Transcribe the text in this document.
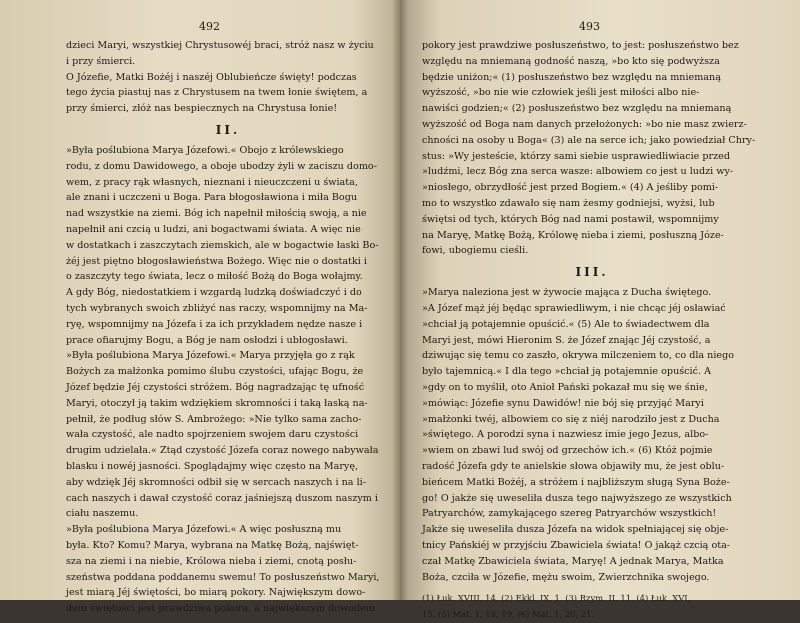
492
dzieci Maryi, wszystkiej Chrystusowéj braci, stróż nasz w życiu
i przy śmierci.
O Józefie, Matki Bożéj i naszéj Oblubieńcze święty! podczas
tego życia piastuj nas z Chrystusem na twem łonie świętem, a
przy śmierci, złóż nas bespiecznych na Chrystusa łonie!
II.
»Była poślubiona Marya Józefowi.« Obojo z królewskiego
rodu, z domu Dawidowego, a oboje ubodzy żyli w zaciszu domo-
wem, z pracy rąk własnych, nieznani i nieuczczeni u świata,
ale znani i uczczeni u Boga. Para błogosławiona i miła Bogu
nad wszystkie na ziemi. Bóg ich napełnił miłością swoją, a nie
napełnił ani czcią u ludzi, ani bogactwami świata. A więc nie
w dostatkach i zaszczytach ziemskich, ale w bogactwie łaski Bo-
żéj jest piętno błogosławieństwa Bożego. Więc nie o dostatki i
o zaszczyty tego świata, lecz o miłość Bożą do Boga wołajmy.
A gdy Bóg, niedostatkiem i wzgardą ludzką doświadczyć i do
tych wybranych swoich zbliżyć nas raczy, wspomnijmy na Ma-
ryę, wspomnijmy na Józefa i za ich przykładem nędze nasze i
prace ofiarujmy Bogu, a Bóg je nam osłodzi i ubłogosławi.
»Była poślubiona Marya Józefowi.« Marya przyjęła go z rąk
Bożych za małżonka pomimo ślubu czystości, ufając Bogu, że
Józef będzie Jéj czystości stróżem. Bóg nagradzając tę ufność
Maryi, otoczył ją takim wdziękiem skromności i taką łaską na-
pełnił, że podług słów S. Ambrożego: »Nie tylko sama zacho-
wała czystość, ale nadto spojrzeniem swojem daru czystości
drugim udzielała.« Ztąd czystość Józefa coraz nowego nabywała
blasku i nowéj jasności. Spoglądajmy więc często na Maryę,
aby wdzięk Jéj skromności odbił się w sercach naszych i na li-
cach naszych i dawał czystość coraz jaśniejszą duszom naszym i
ciału naszemu.
»Była poślubiona Marya Józefowi.« A więc posłuszną mu
była. Kto? Komu? Marya, wybrana na Matkę Bożą, najświęt-
sza na ziemi i na niebie, Królowa nieba i ziemi, cnotą posłu-
szeństwa poddana poddanemu swemu! To posłuszeństwo Maryi,
jest miarą Jéj świętości, bo miarą pokory. Największym dowo-
dem świętości jest prawdziwa pokora, a największym dowodem
493
pokory jest prawdziwe posłuszeństwo, to jest: posłuszeństwo bez
względu na mniemaną godność naszą, »bo kto się podwyższa
będzie uniżon;« (1) posłuszeństwo bez względu na mniemaną
wyższość, »bo nie wie człowiek jeśli jest miłości albo nie-
nawiści godzien;« (2) posłuszeństwo bez względu na mniemaną
wyższość od Boga nam danych przełożonych: »bo nie masz zwierz-
chności na osoby u Boga« (3) ale na serce ich; jako powiedział Chry-
stus: »Wy jesteście, którzy sami siebie usprawiedliwiacie przed
»ludźmi, lecz Bóg zna serca wasze: albowiem co jest u ludzi wy-
»niosłego, obrzydłość jest przed Bogiem.« (4) A jeśliby pomi-
mo to wszystko zdawało się nam żesmy godniejsi, wyżsi, lub
świętsi od tych, których Bóg nad nami postawił, wspomnijmy
na Maryę, Matkę Bożą, Królowę nieba i ziemi, posłuszną Józe-
fowi, ubogiemu cieśli.
III.
»Marya naleziona jest w żywocie mająca z Ducha świętego.
»A Józef mąż jéj będąc sprawiedliwym, i nie chcąc jéj osławiać
»chciał ją potajemnie opuścić.« (5) Ale to świadectwem dla
Maryi jest, mówi Hieronim S. że Józef znając Jéj czystość, a
dziwując się temu co zaszło, okrywa milczeniem to, co dla niego
było tajemnicą.« I dla tego »chciał ją potajemnie opuścić. A
»gdy on to myślił, oto Anioł Pański pokazał mu się we śnie,
»mówiąc: Józefie synu Dawidów! nie bój się przyjąć Maryi
»małżonki twéj, albowiem co się z niéj narodziło jest z Ducha
»świętego. A porodzi syna i nazwiesz imie jego Jezus, albo-
»wiem on zbawi lud swój od grzechów ich.« (6) Któż pojmie
radość Józefa gdy te anielskie słowa objawiły mu, że jest oblu-
bieńcem Matki Bożéj, a stróżem i najbliższym sługą Syna Boże-
go! O jakże się uweseliła dusza tego najwyższego ze wszystkich
Patryarchów, zamykającego szereg Patryarchów wszystkich!
Jakże się uweseliła dusza Józefa na widok spełniającej się obje-
tnicy Pańskiéj w przyjściu Zbawiciela świata! O jakąż czcią ota-
czał Matkę Zbawiciela świata, Maryę! A jednak Marya, Matka
Boża, czciła w Józefie, mężu swoim, Zwierzchnika swojego.
(1) Łuk. XVIII, 14. (2) Ekkl. IX, 1. (3) Rzym. II, 11. (4) Łuk. XVI,
15. (5) Mat. 1, 18, 19. (6) Mat. 1, 20, 21.
